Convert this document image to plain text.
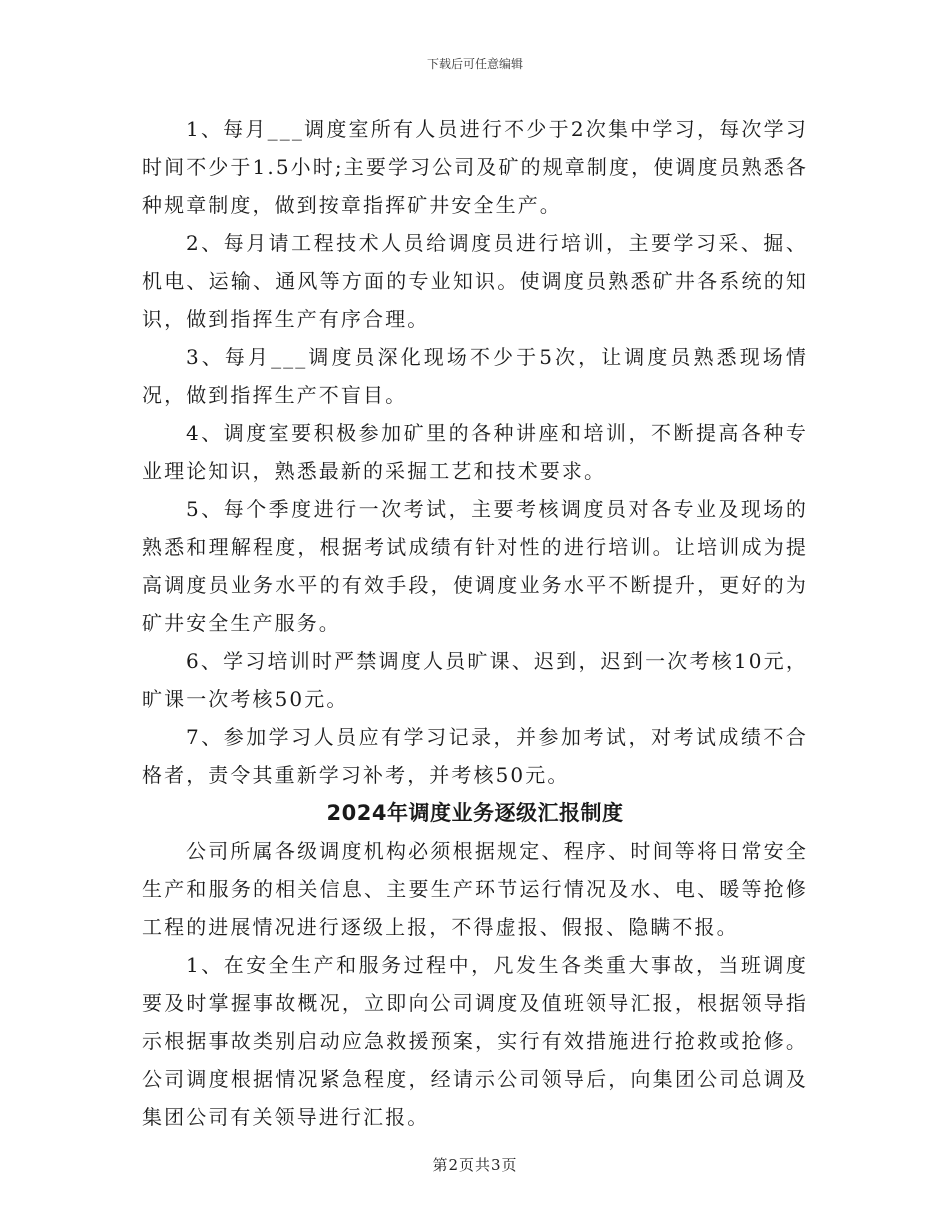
下载后可任意编辑

1、每月___调度室所有人员进行不少于2次集中学习，每次学习时间不少于1.5小时;主要学习公司及矿的规章制度，使调度员熟悉各种规章制度，做到按章指挥矿井安全生产。

2、每月请工程技术人员给调度员进行培训，主要学习采、掘、机电、运输、通风等方面的专业知识。使调度员熟悉矿井各系统的知识，做到指挥生产有序合理。

3、每月___调度员深化现场不少于5次，让调度员熟悉现场情况，做到指挥生产不盲目。

4、调度室要积极参加矿里的各种讲座和培训，不断提高各种专业理论知识，熟悉最新的采掘工艺和技术要求。

5、每个季度进行一次考试，主要考核调度员对各专业及现场的熟悉和理解程度，根据考试成绩有针对性的进行培训。让培训成为提高调度员业务水平的有效手段，使调度业务水平不断提升，更好的为矿井安全生产服务。

6、学习培训时严禁调度人员旷课、迟到，迟到一次考核10元，旷课一次考核50元。

7、参加学习人员应有学习记录，并参加考试，对考试成绩不合格者，责令其重新学习补考，并考核50元。

2024年调度业务逐级汇报制度

公司所属各级调度机构必须根据规定、程序、时间等将日常安全生产和服务的相关信息、主要生产环节运行情况及水、电、暖等抢修工程的进展情况进行逐级上报，不得虚报、假报、隐瞒不报。

1、在安全生产和服务过程中，凡发生各类重大事故，当班调度要及时掌握事故概况，立即向公司调度及值班领导汇报，根据领导指示根据事故类别启动应急救援预案，实行有效措施进行抢救或抢修。公司调度根据情况紧急程度，经请示公司领导后，向集团公司总调及集团公司有关领导进行汇报。

第2页共3页
